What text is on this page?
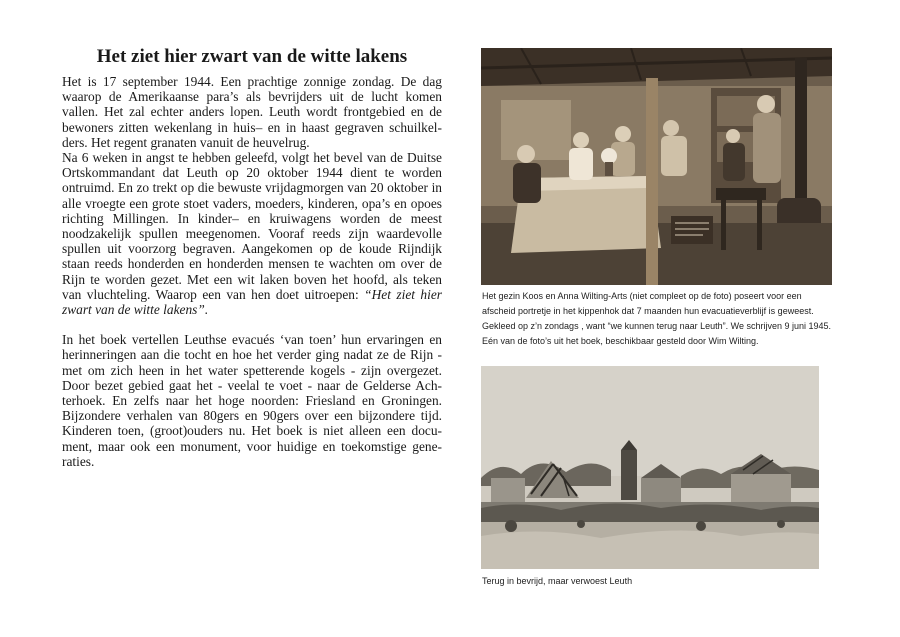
Het ziet hier zwart van de witte lakens

Het is 17 september 1944. Een prachtige zonnige zondag. De dag waarop de Amerikaanse para’s als bevrijders uit de lucht komen vallen. Het zal echter anders lopen. Leuth wordt frontgebied en de bewoners zitten wekenlang in huis– en in haast gegraven schuilkelders. Het regent granaten vanuit de heuvelrug.

Na 6 weken in angst te hebben geleefd, volgt het bevel van de Duitse Ortskommandant dat Leuth op 20 oktober 1944 dient te worden ontruimd. En zo trekt op die bewuste vrijdagmorgen van 20 oktober in alle vroegte een grote stoet vaders, moeders, kinderen, opa’s en opoes richting Millingen. In kinder– en kruiwagens worden de meest noodzakelijk spullen meegenomen. Vooraf reeds zijn waardevolle spullen uit voorzorg begraven. Aangekomen op de koude Rijndijk staan reeds honderden en honderden mensen te wachten om over de Rijn te worden gezet. Met een wit laken boven het hoofd, als teken van vluchteling. Waarop een van hen doet uitroepen: “Het ziet hier zwart van de witte lakens”.

In het boek vertellen Leuthse evacués ‘van toen’ hun ervaringen en herinneringen aan die tocht en hoe het verder ging nadat ze de Rijn - met om zich heen in het water spetterende kogels - zijn overgezet. Door bezet gebied gaat het - veelal te voet - naar de Gelderse Achterhoek. En zelfs naar het hoge noorden: Friesland en Groningen. Bijzondere verhalen van 80gers en 90gers over een bijzondere tijd. Kinderen toen, (groot)ouders nu. Het boek is niet alleen een document, maar ook een monument, voor huidige en toekomstige generaties.

Het gezin Koos en Anna Wilting-Arts (niet compleet op de foto) poseert voor een afscheid portretje in het kippenhok dat 7 maanden hun evacuatieverblijf is geweest. Gekleed op z’n zondags , want “we kunnen terug naar Leuth”. We schrijven 9 juni 1945. Eén van de foto’s uit het boek, beschikbaar gesteld door Wim Wilting.
Terug in bevrijd, maar verwoest Leuth
